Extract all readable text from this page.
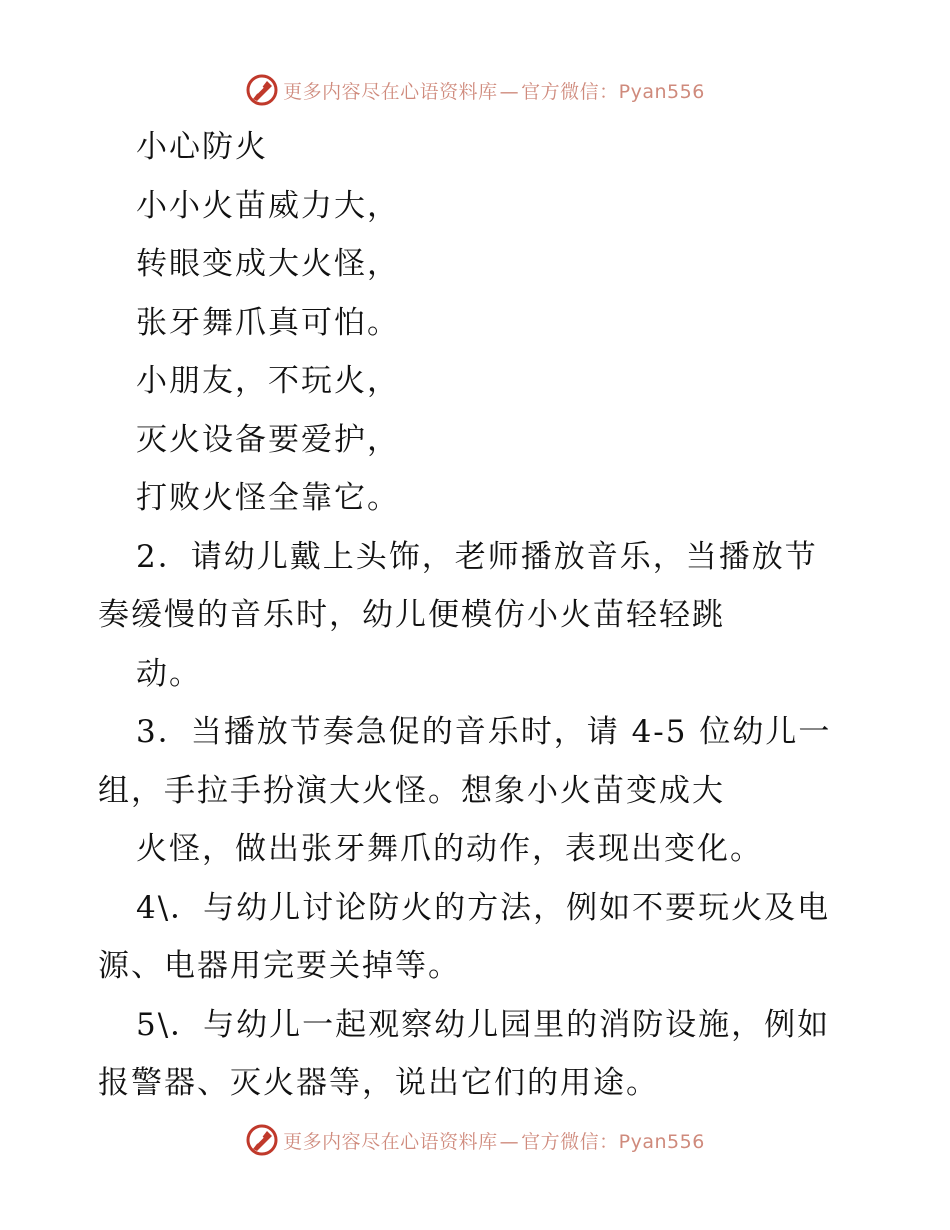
更多内容尽在心语资料库 — 官方微信：Pyan556
小心防火
小小火苗威力大，
转眼变成大火怪，
张牙舞爪真可怕。
小朋友，不玩火，
灭火设备要爱护，
打败火怪全靠它。
2．请幼儿戴上头饰，老师播放音乐，当播放节
奏缓慢的音乐时，幼儿便模仿小火苗轻轻跳
动。
3．当播放节奏急促的音乐时，请 4-5 位幼儿一
组，手拉手扮演大火怪。想象小火苗变成大
火怪，做出张牙舞爪的动作，表现出变化。
4\．与幼儿讨论防火的方法，例如不要玩火及电
源、电器用完要关掉等。
5\．与幼儿一起观察幼儿园里的消防设施，例如
报警器、灭火器等，说出它们的用途。
更多内容尽在心语资料库 — 官方微信：Pyan556
